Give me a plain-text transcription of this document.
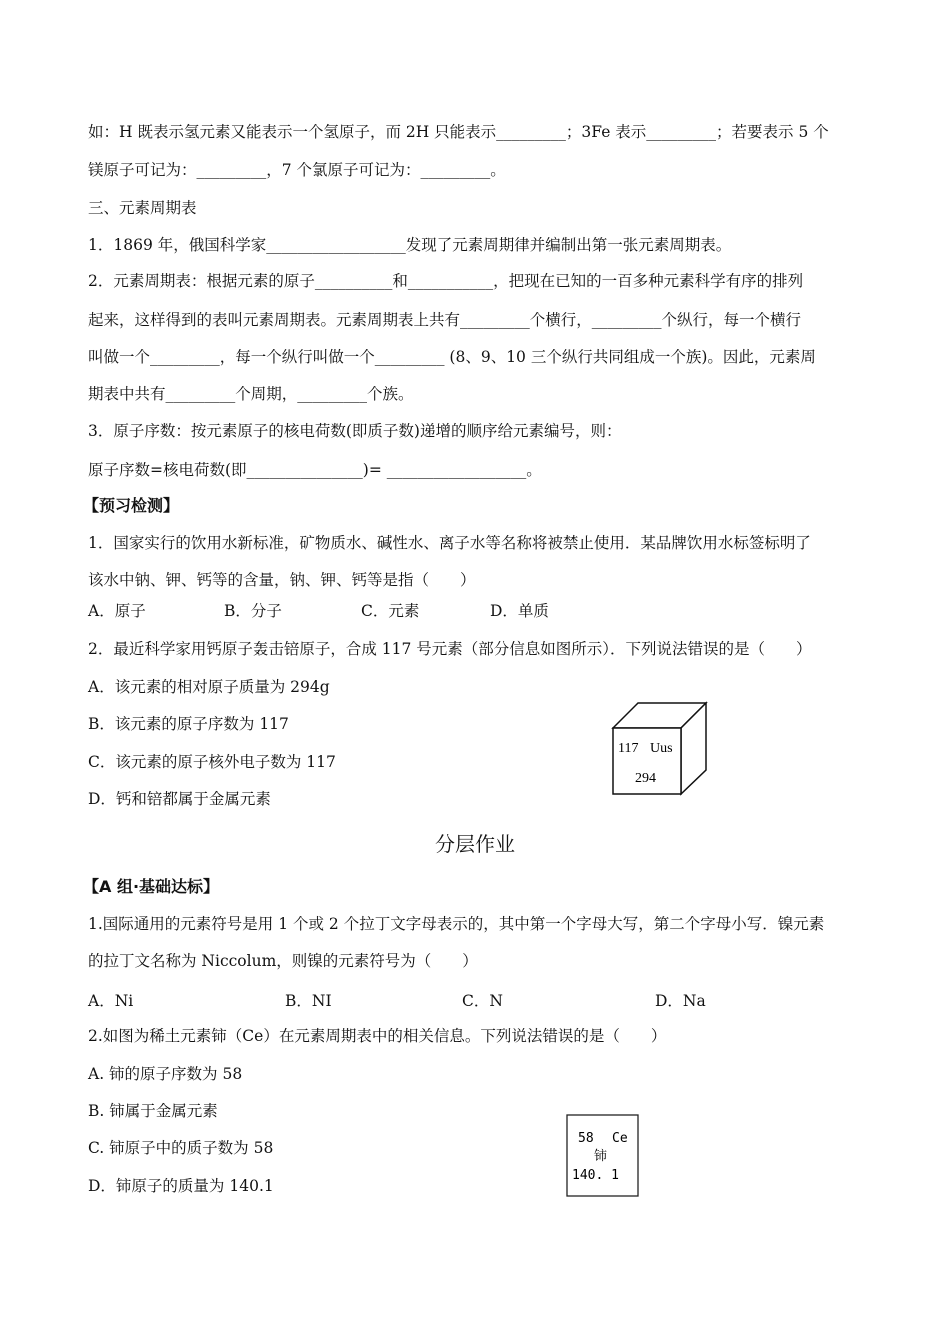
如：H 既表示氢元素又能表示一个氢原子，而 2H 只能表示_________；3Fe 表示_________；若要表示 5 个

镁原子可记为：_________，7 个氯原子可记为：_________。

三、元素周期表

1．1869 年，俄国科学家__________________发现了元素周期律并编制出第一张元素周期表。

2．元素周期表：根据元素的原子__________和___________，把现在已知的一百多种元素科学有序的排列

起来，这样得到的表叫元素周期表。元素周期表上共有_________个横行，_________个纵行，每一个横行

叫做一个_________，每一个纵行叫做一个_________ (8、9、10 三个纵行共同组成一个族)。因此，元素周

期表中共有_________个周期，_________个族。

3．原子序数：按元素原子的核电荷数(即质子数)递增的顺序给元素编号，则：

原子序数=核电荷数(即_______________)= __________________。

【预习检测】

1．国家实行的饮用水新标准，矿物质水、碱性水、离子水等名称将被禁止使用．某品牌饮用水标签标明了

该水中钠、钾、钙等的含量，钠、钾、钙等是指（　　）

A．原子	B．分子	C．元素	D．单质

2．最近科学家用钙原子轰击锫原子，合成 117 号元素（部分信息如图所示）．下列说法错误的是（　　）

A．该元素的相对原子质量为 294g

B．该元素的原子序数为 117

C．该元素的原子核外电子数为 117

D．钙和锫都属于金属元素

117 Uus
294

分层作业

【A 组·基础达标】

1.国际通用的元素符号是用 1 个或 2 个拉丁文字母表示的，其中第一个字母大写，第二个字母小写．镍元素

的拉丁文名称为 Niccolum，则镍的元素符号为（　　）

A．Ni	B．NI	C．N	D．Na

2.如图为稀土元素铈（Ce）在元素周期表中的相关信息。下列说法错误的是（　　）

A. 铈的原子序数为 58

B. 铈属于金属元素

C. 铈原子中的质子数为 58

D．铈原子的质量为 140.1

58 Ce
铈
140. 1
